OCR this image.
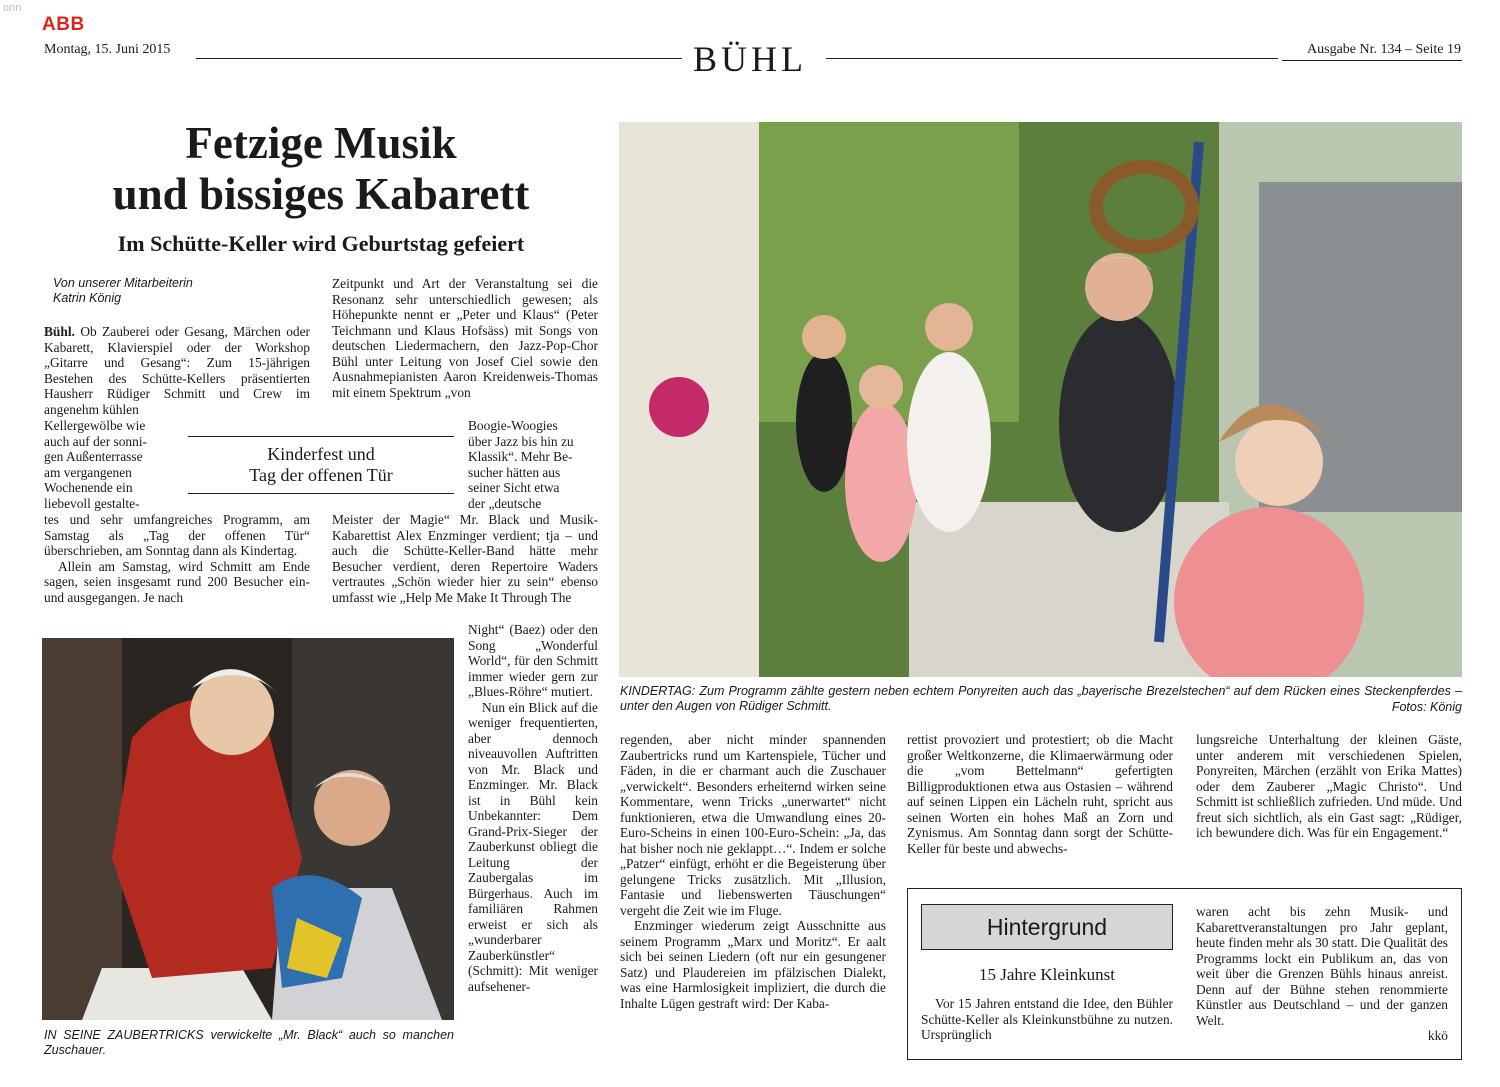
onn
ABB
Montag, 15. Juni 2015	BÜHL	Ausgabe Nr. 134 – Seite 19
Fetzige Musik
und bissiges Kabarett
Im Schütte-Keller wird Geburtstag gefeiert
Von unserer Mitarbeiterin
Katrin König

Bühl. Ob Zauberei oder Gesang, Märchen oder Kabarett, Klavierspiel oder der Workshop „Gitarre und Gesang“: Zum 15-jährigen Bestehen des Schütte-Kellers präsentierten Hausherr Rüdiger Schmitt und Crew im angenehm kühlen

Kellergewölbe wie
auch auf der sonni-
gen Außenterrasse
am vergangenen
Wochenende ein
liebevoll gestalte-

tes und sehr umfangreiches Programm, am Samstag als „Tag der offenen Tür“ überschrieben, am Sonntag dann als Kindertag.

Allein am Samstag, wird Schmitt am Ende sagen, seien insgesamt rund 200 Besucher ein- und ausgegangen. Je nach

Zeitpunkt und Art der Veranstaltung sei die Resonanz sehr unterschiedlich gewesen; als Höhepunkte nennt er „Peter und Klaus“ (Peter Teichmann und Klaus Hofsäss) mit Songs von deutschen Liedermachern, den Jazz-Pop-Chor Bühl unter Leitung von Josef Ciel sowie den Ausnahmepianisten Aaron Kreidenweis-Thomas mit einem Spektrum „von

Boogie-Woogies
über Jazz bis hin zu
Klassik“. Mehr Be-
sucher hätten aus
seiner Sicht etwa
der „deutsche

Meister der Magie“ Mr. Black und Musik-Kabarettist Alex Enzminger verdient; tja – und auch die Schütte-Keller-Band hätte mehr Besucher verdient, deren Repertoire Waders vertrautes „Schön wieder hier zu sein“ ebenso umfasst wie „Help Me Make It Through The

Night“ (Baez) oder den Song „Wonderful World“, für den Schmitt immer wieder gern zur „Blues-Röhre“ mutiert.

Nun ein Blick auf die weniger frequentierten, aber dennoch niveauvollen Auftritten von Mr. Black und Enzminger. Mr. Black ist in Bühl kein Unbekannter: Dem Grand-Prix-Sieger der Zauberkunst obliegt die Leitung der Zaubergalas im Bürgerhaus. Auch im familiären Rahmen erweist er sich als „wunderbarer Zauberkünstler“ (Schmitt): Mit weniger aufsehener-

Kinderfest und
Tag der offenen Tür
IN SEINE ZAUBERTRICKS verwickelte „Mr. Black“ auch so manchen Zuschauer.
KINDERTAG: Zum Programm zählte gestern neben echtem Ponyreiten auch das „bayerische Brezelstechen“ auf dem Rücken eines Steckenpferdes – unter den Augen von Rüdiger Schmitt.	Fotos: König

regenden, aber nicht minder spannenden Zaubertricks rund um Kartenspiele, Tücher und Fäden, in die er charmant auch die Zuschauer „verwickelt“. Besonders erheiternd wirken seine Kommentare, wenn Tricks „unerwartet“ nicht funktionieren, etwa die Umwandlung eines 20-Euro-Scheins in einen 100-Euro-Schein: „Ja, das hat bisher noch nie geklappt…“. Indem er solche „Patzer“ einfügt, erhöht er die Begeisterung über gelungene Tricks zusätzlich. Mit „Illusion, Fantasie und liebenswerten Täuschungen“ vergeht die Zeit wie im Fluge.

Enzminger wiederum zeigt Ausschnitte aus seinem Programm „Marx und Moritz“. Er aalt sich bei seinen Liedern (oft nur ein gesungener Satz) und Plaudereien im pfälzischen Dialekt, was eine Harmlosigkeit impliziert, die durch die Inhalte Lügen gestraft wird: Der Kaba-

rettist provoziert und protestiert; ob die Macht großer Weltkonzerne, die Klimaerwärmung oder die „vom Bettelmann“ gefertigten Billigproduktionen etwa aus Ostasien – während auf seinen Lippen ein Lächeln ruht, spricht aus seinen Worten ein hohes Maß an Zorn und Zynismus. Am Sonntag dann sorgt der Schütte-Keller für beste und abwechs-

lungsreiche Unterhaltung der kleinen Gäste, unter anderem mit verschiedenen Spielen, Ponyreiten, Märchen (erzählt von Erika Mattes) oder dem Zauberer „Magic Christo“. Und Schmitt ist schließlich zufrieden. Und müde. Und freut sich sichtlich, als ein Gast sagt: „Rüdiger, ich bewundere dich. Was für ein Engagement.“

Hintergrund
15 Jahre Kleinkunst

Vor 15 Jahren entstand die Idee, den Bühler Schütte-Keller als Kleinkunstbühne zu nutzen. Ursprünglich

waren acht bis zehn Musik- und Kabarettveranstaltungen pro Jahr geplant, heute finden mehr als 30 statt. Die Qualität des Programms lockt ein Publikum an, das von weit über die Grenzen Bühls hinaus anreist. Denn auf der Bühne stehen renommierte Künstler aus Deutschland – und der ganzen Welt.

kkö
